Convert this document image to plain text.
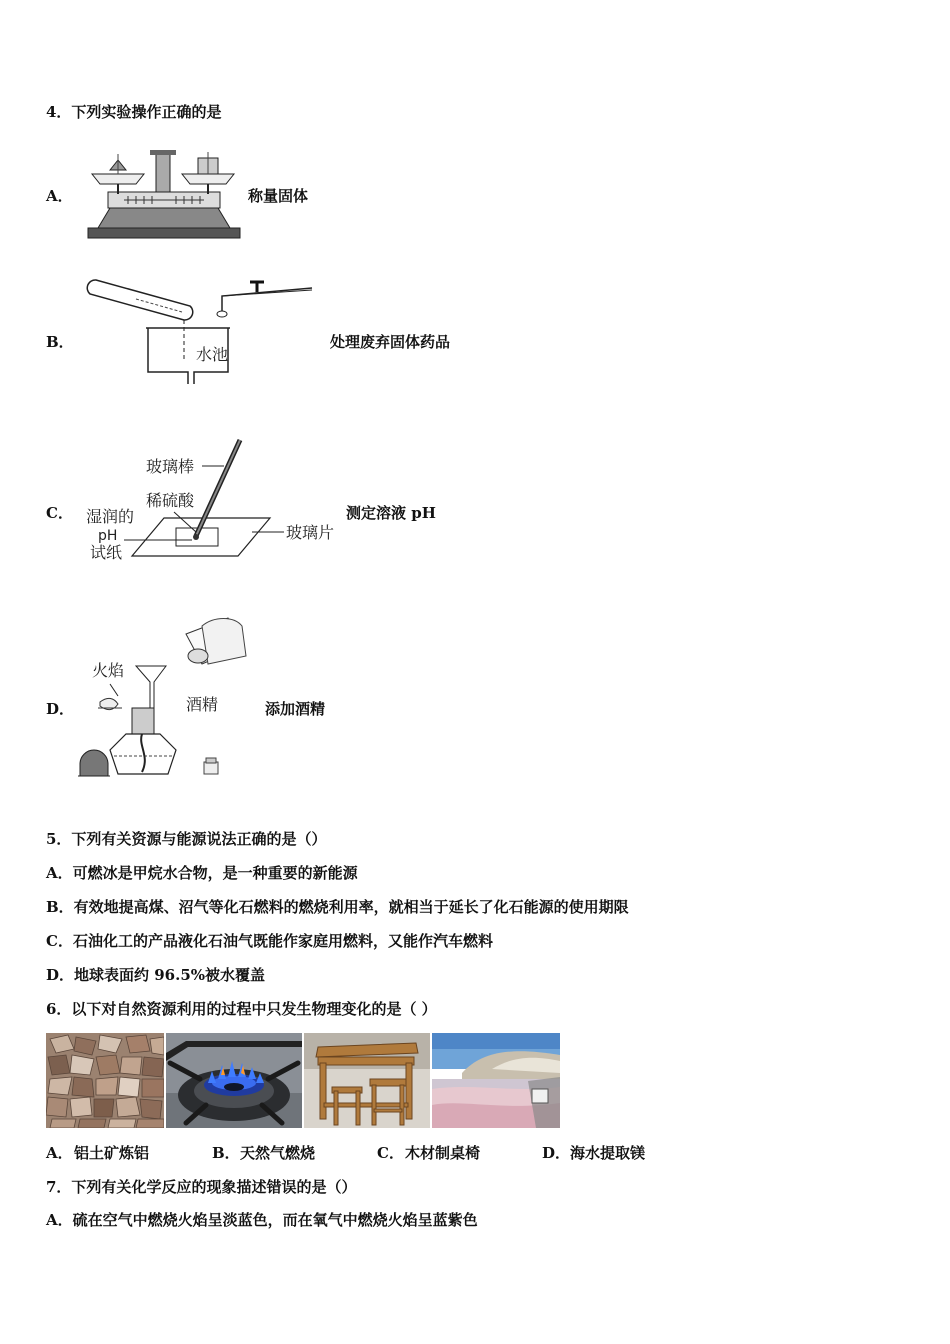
4．下列实验操作正确的是
A．	称量固体
B．
水池
处理废弃固体药品
C．
玻璃棒
稀硫酸
湿润的
pH
试纸
玻璃片
测定溶液 pH
D．
火焰
酒精	添加酒精
5．下列有关资源与能源说法正确的是（）
A．可燃冰是甲烷水合物，是一种重要的新能源
B．有效地提高煤、沼气等化石燃料的燃烧利用率，就相当于延长了化石能源的使用期限
C．石油化工的产品液化石油气既能作家庭用燃料，又能作汽车燃料
D．地球表面约 96.5%被水覆盖
6．以下对自然资源利用的过程中只发生物理变化的是（ ）
A． 铝土矿炼铝	B． 天然气燃烧	C． 木材制桌椅	D． 海水提取镁
7．下列有关化学反应的现象描述错误的是（）
A．硫在空气中燃烧火焰呈淡蓝色，而在氧气中燃烧火焰呈蓝紫色
